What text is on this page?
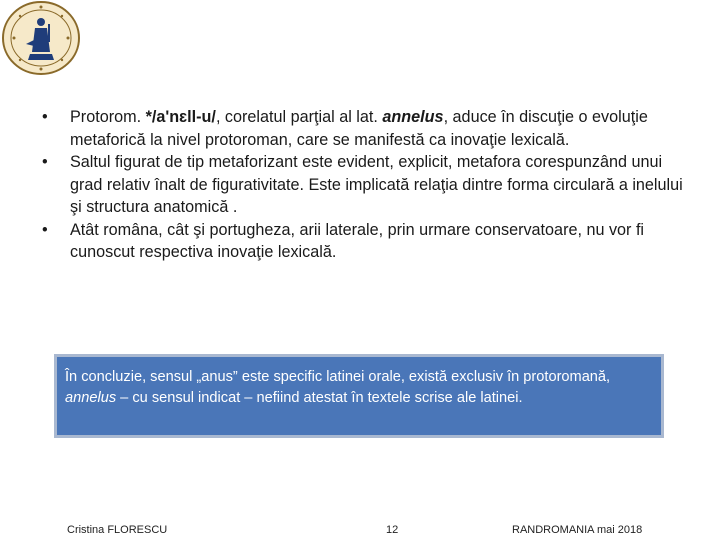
•	Protorom. */a'nɛll-u/, corelatul parţial al lat. annelus, aduce în discuţie o evoluţie metaforică la nivel protoroman, care se manifestă ca inovaţie lexicală.
•	Saltul figurat de tip metaforizant este evident, explicit, metafora corespunzând unui grad relativ înalt de figurativitate. Este implicată relaţia dintre forma circulară a inelului şi structura anatomică .
•	Atât româna, cât şi portugheza, arii laterale, prin urmare conservatoare, nu vor fi cunoscut respectiva inovaţie lexicală.
În concluzie, sensul „anus” este specific latinei orale, există exclusiv în protoromană, annelus – cu sensul indicat – nefiind atestat în textele scrise ale latinei.
Cristina FLORESCU	12	RANDROMANIA mai 2018
